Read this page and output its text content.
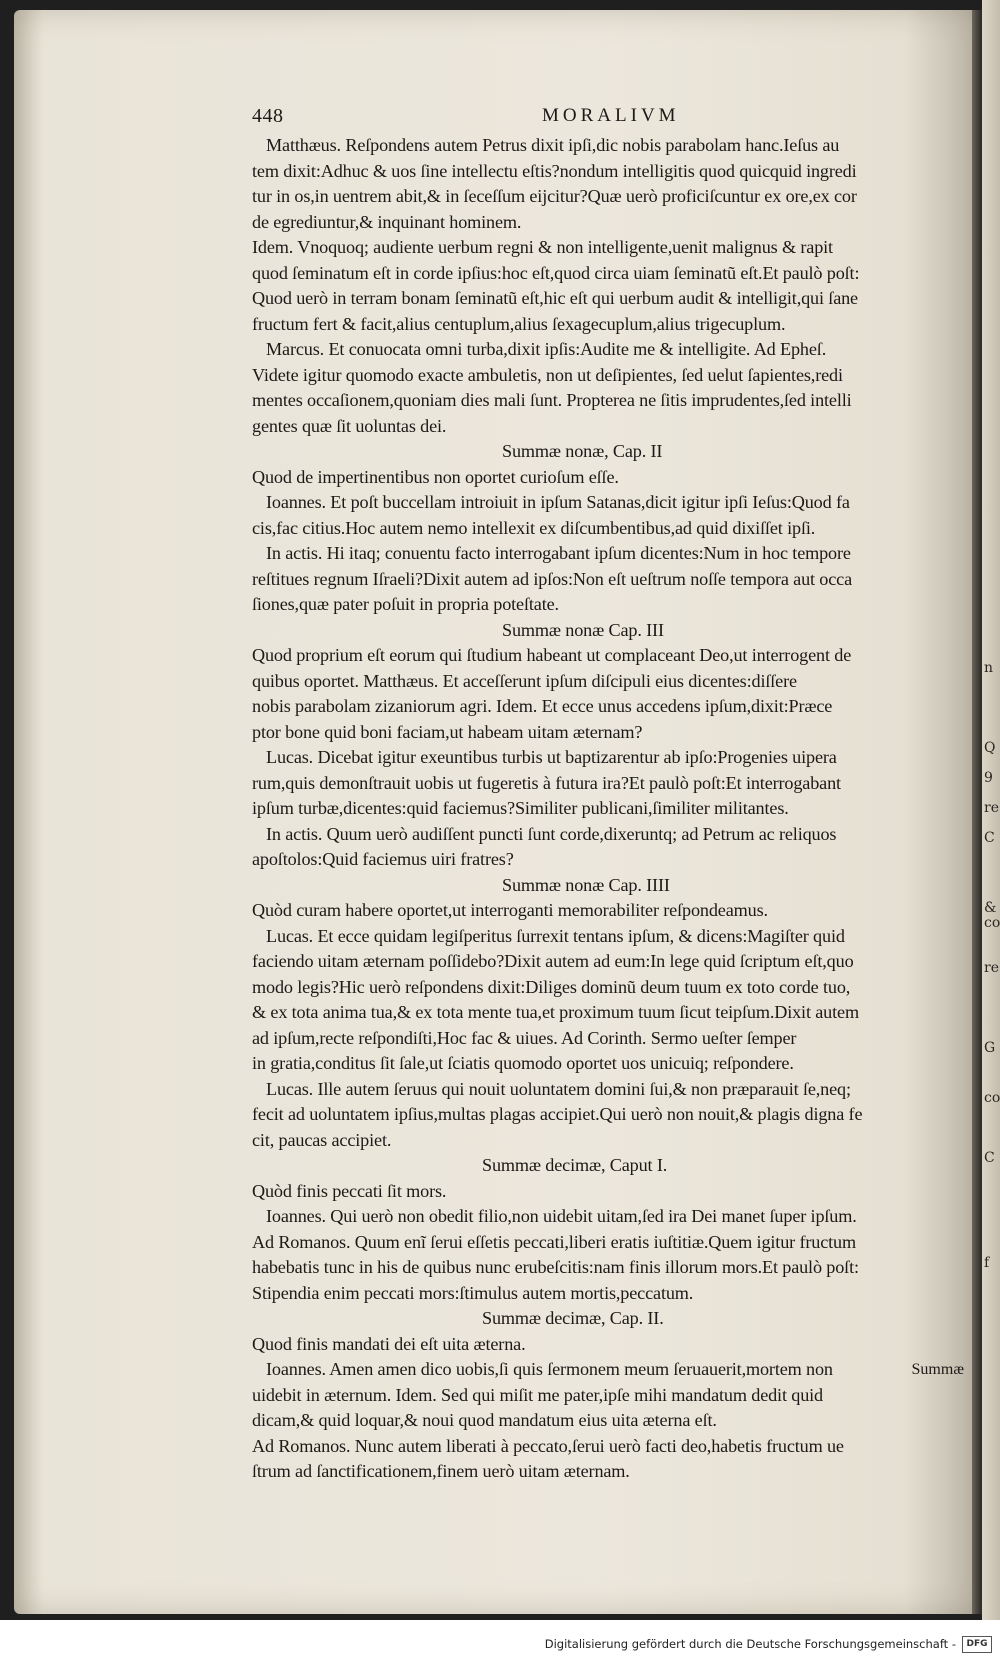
448	MORALIVM
Matthæus. Reſpondens autem Petrus dixit ipſi,dic nobis parabolam hanc.Ieſus au
tem dixit:Adhuc & uos ſine intellectu eſtis?nondum intelligitis quod quicquid ingredi
tur in os,in uentrem abit,& in ſeceſſum eijcitur?Quæ uerò proficiſcuntur ex ore,ex cor
de egrediuntur,& inquinant hominem.
Idem. Vnoquoq; audiente uerbum regni & non intelligente,uenit malignus & rapit
quod ſeminatum eſt in corde ipſius:hoc eſt,quod circa uiam ſeminatũ eſt.Et paulò poſt:
Quod uerò in terram bonam ſeminatũ eſt,hic eſt qui uerbum audit & intelligit,qui ſane
fructum fert & facit,alius centuplum,alius ſexagecuplum,alius trigecuplum.
Marcus. Et conuocata omni turba,dixit ipſis:Audite me & intelligite. Ad Epheſ.
Videte igitur quomodo exacte ambuletis, non ut deſipientes, ſed uelut ſapientes,redi
mentes occaſionem,quoniam dies mali ſunt. Propterea ne ſitis imprudentes,ſed intelli
gentes quæ ſit uoluntas dei.
Summæ nonæ, Cap. II
Quod de impertinentibus non oportet curioſum eſſe.
Ioannes. Et poſt buccellam introiuit in ipſum Satanas,dicit igitur ipſi Ieſus:Quod fa
cis,fac citius.Hoc autem nemo intellexit ex diſcumbentibus,ad quid dixiſſet ipſi.
In actis. Hi itaq; conuentu facto interrogabant ipſum dicentes:Num in hoc tempore
reſtitues regnum Iſraeli?Dixit autem ad ipſos:Non eſt ueſtrum noſſe tempora aut occa
ſiones,quæ pater poſuit in propria poteſtate.
Summæ nonæ Cap. III
Quod proprium eſt eorum qui ſtudium habeant ut complaceant Deo,ut interrogent de
quibus oportet. Matthæus. Et acceſſerunt ipſum diſcipuli eius dicentes:diſſere
nobis parabolam zizaniorum agri. Idem. Et ecce unus accedens ipſum,dixit:Præce
ptor bone quid boni faciam,ut habeam uitam æternam?
Lucas. Dicebat igitur exeuntibus turbis ut baptizarentur ab ipſo:Progenies uipera
rum,quis demonſtrauit uobis ut fugeretis à futura ira?Et paulò poſt:Et interrogabant
ipſum turbæ,dicentes:quid faciemus?Similiter publicani,ſimiliter militantes.
In actis. Quum uerò audiſſent puncti ſunt corde,dixeruntq; ad Petrum ac reliquos
apoſtolos:Quid faciemus uiri fratres?
Summæ nonæ Cap. IIII
Quòd curam habere oportet,ut interroganti memorabiliter reſpondeamus.
Lucas. Et ecce quidam legiſperitus ſurrexit tentans ipſum, & dicens:Magiſter quid
faciendo uitam æternam poſſidebo?Dixit autem ad eum:In lege quid ſcriptum eſt,quo
modo legis?Hic uerò reſpondens dixit:Diliges dominũ deum tuum ex toto corde tuo,
& ex tota anima tua,& ex tota mente tua,et proximum tuum ſicut teipſum.Dixit autem
ad ipſum,recte reſpondiſti,Hoc fac & uiues. Ad Corinth. Sermo ueſter ſemper
in gratia,conditus ſit ſale,ut ſciatis quomodo oportet uos unicuiq; reſpondere.
Lucas. Ille autem ſeruus qui nouit uoluntatem domini ſui,& non præparauit ſe,neq;
fecit ad uoluntatem ipſius,multas plagas accipiet.Qui uerò non nouit,& plagis digna fe
cit, paucas accipiet.
Summæ decimæ, Caput I.
Quòd finis peccati ſit mors.
Ioannes. Qui uerò non obedit filio,non uidebit uitam,ſed ira Dei manet ſuper ipſum.
Ad Romanos. Quum enĩ ſerui eſſetis peccati,liberi eratis iuſtitiæ.Quem igitur fructum
habebatis tunc in his de quibus nunc erubeſcitis:nam finis illorum mors.Et paulò poſt:
Stipendia enim peccati mors:ſtimulus autem mortis,peccatum.
Summæ decimæ, Cap. II.
Quod finis mandati dei eſt uita æterna.
Ioannes. Amen amen dico uobis,ſi quis ſermonem meum ſeruauerit,mortem non
uidebit in æternum. Idem. Sed qui miſit me pater,ipſe mihi mandatum dedit quid
dicam,& quid loquar,& noui quod mandatum eius uita æterna eſt.
Ad Romanos. Nunc autem liberati à peccato,ſerui uerò facti deo,habetis fructum ue
ſtrum ad ſanctificationem,finem uerò uitam æternam.
Summæ
n
Q
9
re
C
&
co
re
G
co
C
f
Digitalisierung gefördert durch die Deutsche Forschungsgemeinschaft -	DFG
